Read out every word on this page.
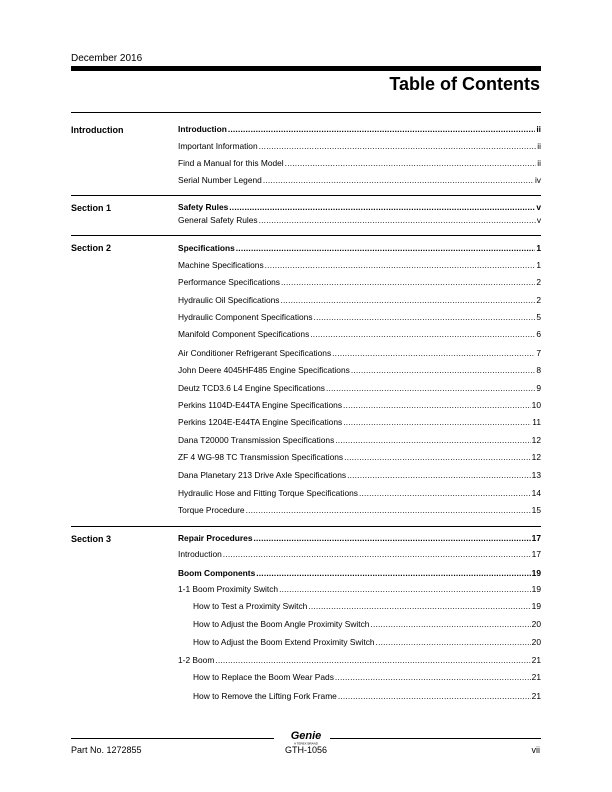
December 2016
Table of Contents
Introduction	Introduction .....	ii
Important Information .....	ii
Find a Manual for this Model .....	ii
Serial Number Legend .....	iv
Section 1	Safety Rules .....	v
General Safety Rules .....	v
Section 2	Specifications .....	1
Machine Specifications .....	1
Performance Specifications .....	2
Hydraulic Oil Specifications .....	2
Hydraulic Component Specifications .....	5
Manifold Component Specifications .....	6
Air Conditioner Refrigerant Specifications .....	7
John Deere 4045HF485 Engine Specifications .....	8
Deutz TCD3.6 L4 Engine Specifications .....	9
Perkins 1104D-E44TA Engine Specifications .....	10
Perkins 1204E-E44TA Engine Specifications .....	11
Dana T20000 Transmission Specifications .....	12
ZF 4 WG-98 TC Transmission Specifications .....	12
Dana Planetary 213 Drive Axle Specifications .....	13
Hydraulic Hose and Fitting Torque Specifications .....	14
Torque Procedure .....	15
Section 3	Repair Procedures .....	17
Introduction .....	17
Boom Components .....	19
1-1 Boom Proximity Switch .....	19
How to Test a Proximity Switch .....	19
How to Adjust the Boom Angle Proximity Switch .....	20
How to Adjust the Boom Extend Proximity Switch .....	20
1-2 Boom .....	21
How to Replace the Boom Wear Pads .....	21
How to Remove the Lifting Fork Frame .....	21
Genie
A TEREX BRAND
Part No. 1272855	GTH-1056	vii
